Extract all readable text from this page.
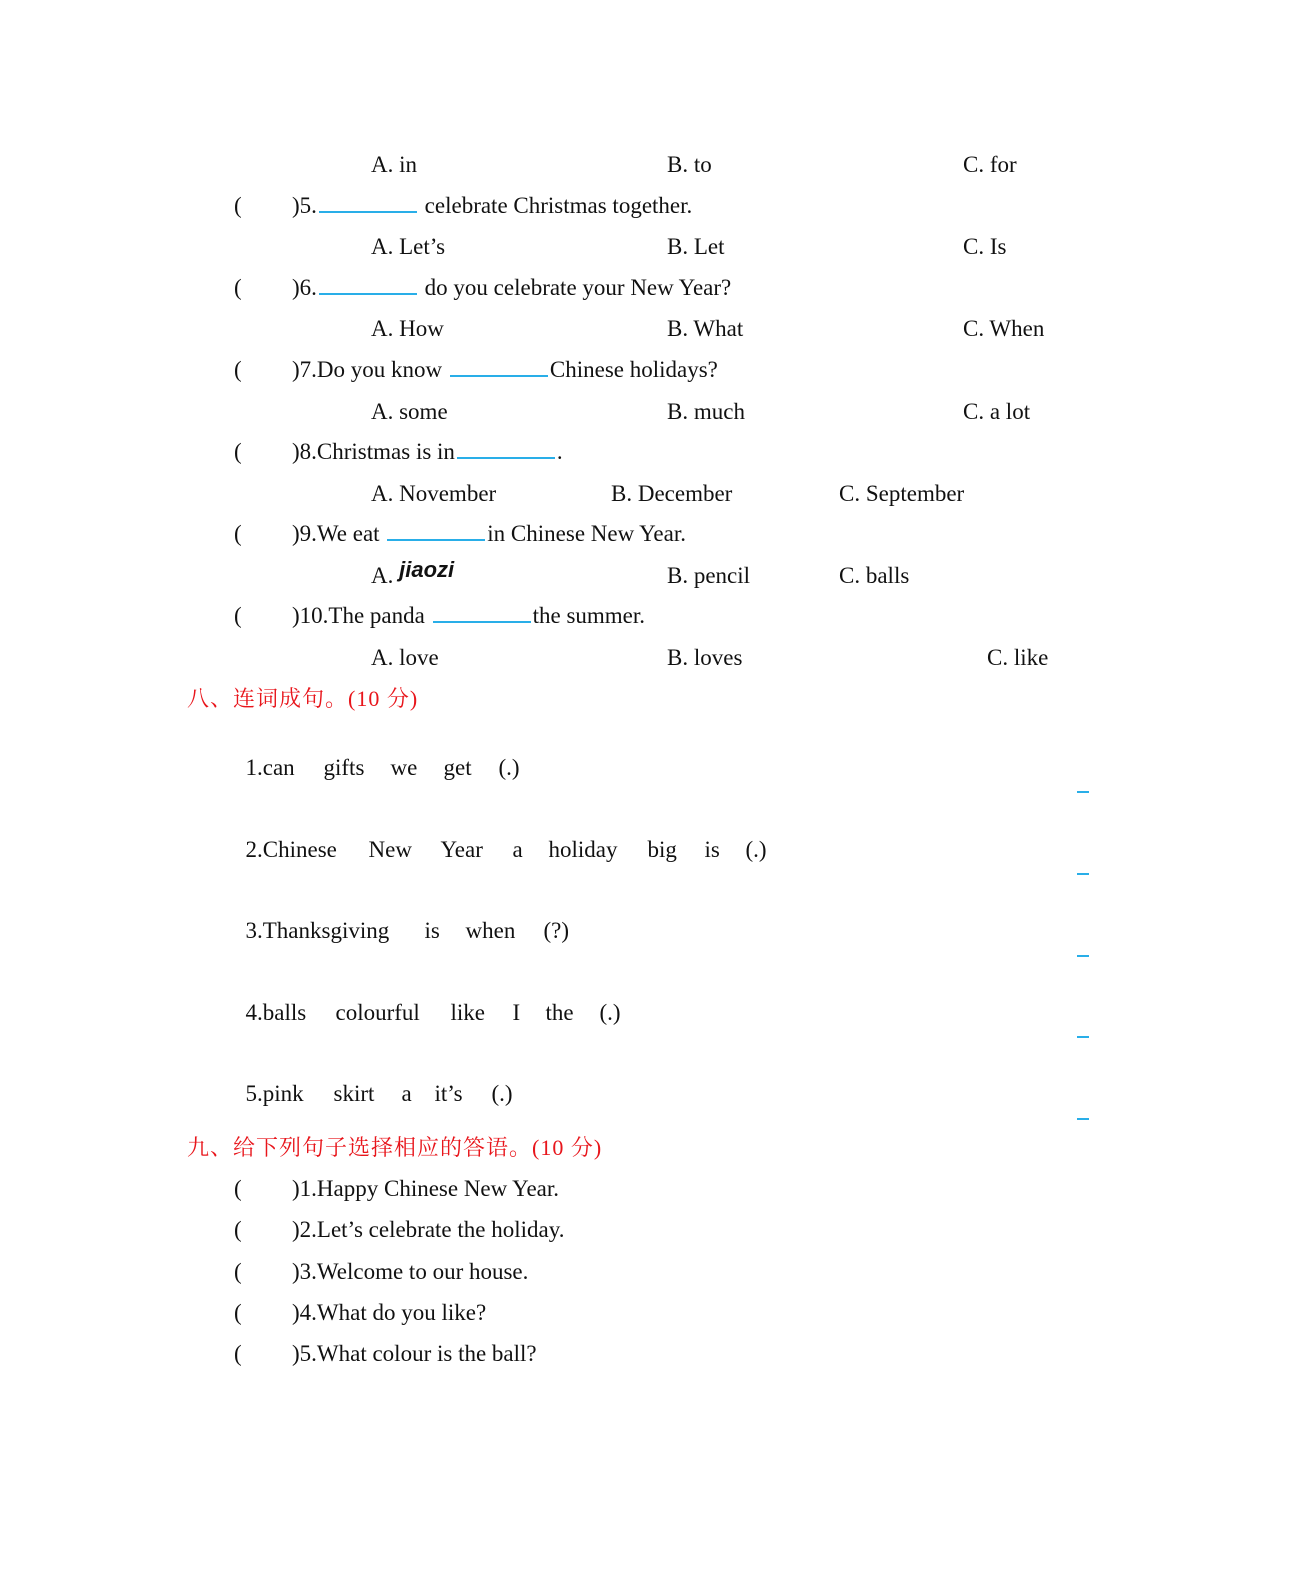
A. in	B. to	C. for
( )5.	celebrate Christmas together.
A. Let’s	B. Let	C. Is
( )6.	do you celebrate your New Year?
A. How	B. What	C. When
( )7.Do you know	Chinese holidays?
A. some	B. much	C. a lot
( )8.Christmas is in	.
A. November	B. December	C. September
( )9.We eat	in Chinese New Year.
A. jiaozi	B. pencil	C. balls
( )10.The panda	the summer.
A. love	B. loves	C. like
八、连词成句。(10 分)

1.can gifts we get (.)

2.Chinese New Year a holiday big is (.)

3.Thanksgiving is when (?)

4.balls colourful like I the (.)

5.pink skirt a it’s (.)

九、给下列句子选择相应的答语。(10 分)
( )1.Happy Chinese New Year.
( )2.Let’s celebrate the holiday.
( )3.Welcome to our house.
( )4.What do you like?
( )5.What colour is the ball?
